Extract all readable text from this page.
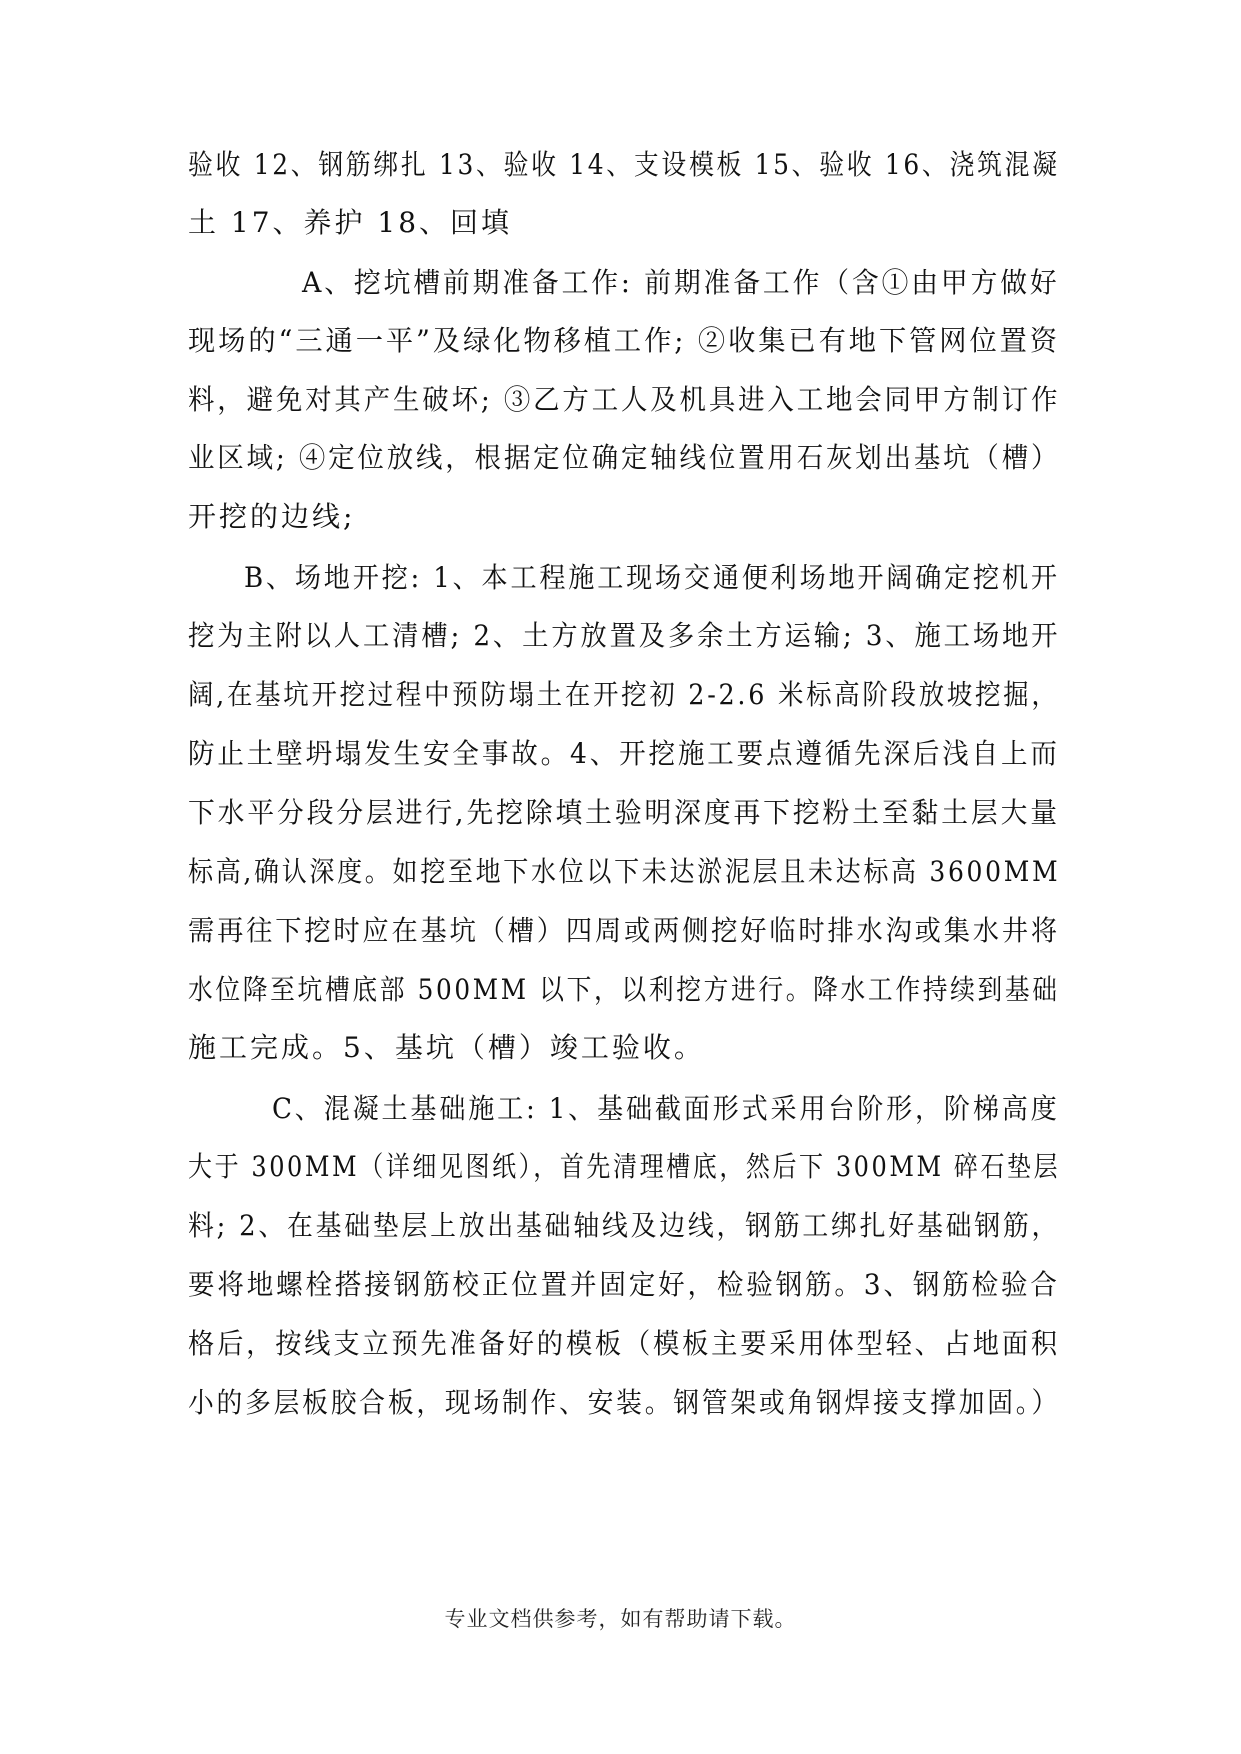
验收 12、钢筋绑扎 13、验收 14、支设模板 15、验收 16、浇筑混凝
土 17、养护 18、回填
A、挖坑槽前期准备工作: 前期准备工作（含①由甲方做好
现场的“三通一平”及绿化物移植工作; ②收集已有地下管网位置资
料，避免对其产生破坏; ③乙方工人及机具进入工地会同甲方制订作
业区域; ④定位放线，根据定位确定轴线位置用石灰划出基坑（槽）
开挖的边线;
B、场地开挖: 1、本工程施工现场交通便利场地开阔确定挖机开
挖为主附以人工清槽; 2、土方放置及多余土方运输; 3、施工场地开
阔,在基坑开挖过程中预防塌土在开挖初 2-2.6 米标高阶段放坡挖掘，
防止土壁坍塌发生安全事故。4、开挖施工要点遵循先深后浅自上而
下水平分段分层进行,先挖除填土验明深度再下挖粉土至黏土层大量
标高,确认深度。如挖至地下水位以下未达淤泥层且未达标高 3600MM
需再往下挖时应在基坑（槽）四周或两侧挖好临时排水沟或集水井将
水位降至坑槽底部 500MM 以下，以利挖方进行。降水工作持续到基础
施工完成。5、基坑（槽）竣工验收。
C、混凝土基础施工: 1、基础截面形式采用台阶形，阶梯高度
大于 300MM（详细见图纸），首先清理槽底，然后下 300MM 碎石垫层
料; 2、在基础垫层上放出基础轴线及边线，钢筋工绑扎好基础钢筋，
要将地螺栓搭接钢筋校正位置并固定好，检验钢筋。3、钢筋检验合
格后，按线支立预先准备好的模板（模板主要采用体型轻、占地面积
小的多层板胶合板，现场制作、安装。钢管架或角钢焊接支撑加固。）
专业文档供参考，如有帮助请下载。
